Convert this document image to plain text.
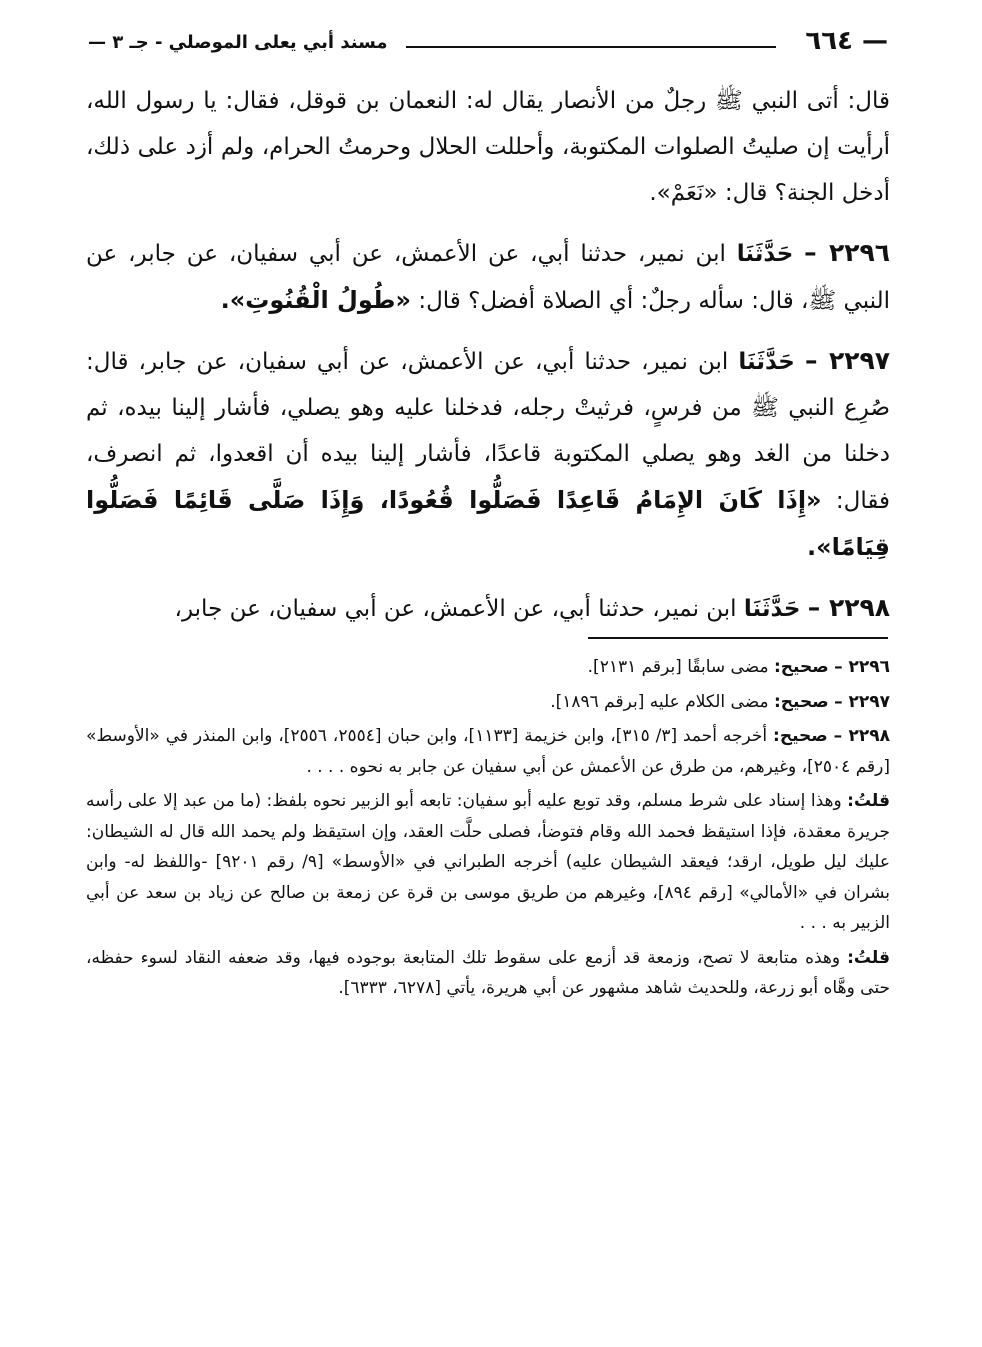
— ٦٦٤
مسند أبي يعلى الموصلي - جـ ٣ —

قال: أتى النبي ﷺ رجلٌ من الأنصار يقال له: النعمان بن قوقل، فقال: يا رسول الله، أرأيت إن صليتُ الصلوات المكتوبة، وأحللت الحلال وحرمتُ الحرام، ولم أزد على ذلك، أدخل الجنة؟ قال: «نَعَمْ».

٢٢٩٦ – حَدَّثَنَا ابن نمير، حدثنا أبي، عن الأعمش، عن أبي سفيان، عن جابر، عن النبي ﷺ، قال: سأله رجلٌ: أي الصلاة أفضل؟ قال: «طُولُ الْقُنُوتِ».

٢٢٩٧ – حَدَّثَنَا ابن نمير، حدثنا أبي، عن الأعمش، عن أبي سفيان، عن جابر، قال: صُرِع النبي ﷺ من فرسٍ، فرثيتْ رجله، فدخلنا عليه وهو يصلي، فأشار إلينا بيده، ثم دخلنا من الغد وهو يصلي المكتوبة قاعدًا، فأشار إلينا بيده أن اقعدوا، ثم انصرف، فقال: «إِذَا كَانَ الإِمَامُ قَاعِدًا فَصَلُّوا قُعُودًا، وَإِذَا صَلَّى قَائِمًا فَصَلُّوا قِيَامًا».

٢٢٩٨ – حَدَّثَنَا ابن نمير، حدثنا أبي، عن الأعمش، عن أبي سفيان، عن جابر،

٢٢٩٦ – صحيح: مضى سابقًا [برقم ٢١٣١].

٢٢٩٧ – صحيح: مضى الكلام عليه [برقم ١٨٩٦].

٢٢٩٨ – صحيح: أخرجه أحمد [٣/ ٣١٥]، وابن خزيمة [١١٣٣]، وابن حبان [٢٥٥٤، ٢٥٥٦]، وابن المنذر في «الأوسط» [رقم ٢٥٠٤]، وغيرهم، من طرق عن الأعمش عن أبي سفيان عن جابر به نحوه . . . .

قلتُ: وهذا إسناد على شرط مسلم، وقد توبع عليه أبو سفيان: تابعه أبو الزبير نحوه بلفظ: (ما من عبد إلا على رأسه جريرة معقدة، فإذا استيقظ فحمد الله وقام فتوضأ، فصلى حلَّت العقد، وإن استيقظ ولم يحمد الله قال له الشيطان: عليك ليل طويل، ارقد؛ فيعقد الشيطان عليه) أخرجه الطبراني في «الأوسط» [٩/ رقم ٩٢٠١] -واللفظ له- وابن بشران في «الأمالي» [رقم ٨٩٤]، وغيرهم من طريق موسى بن قرة عن زمعة بن صالح عن زياد بن سعد عن أبي الزبير به . . .

قلتُ: وهذه متابعة لا تصح، وزمعة قد أزمع على سقوط تلك المتابعة بوجوده فيها، وقد ضعفه النقاد لسوء حفظه، حتى وهَّاه أبو زرعة، وللحديث شاهد مشهور عن أبي هريرة، يأتي [٦٢٧٨، ٦٣٣٣].
